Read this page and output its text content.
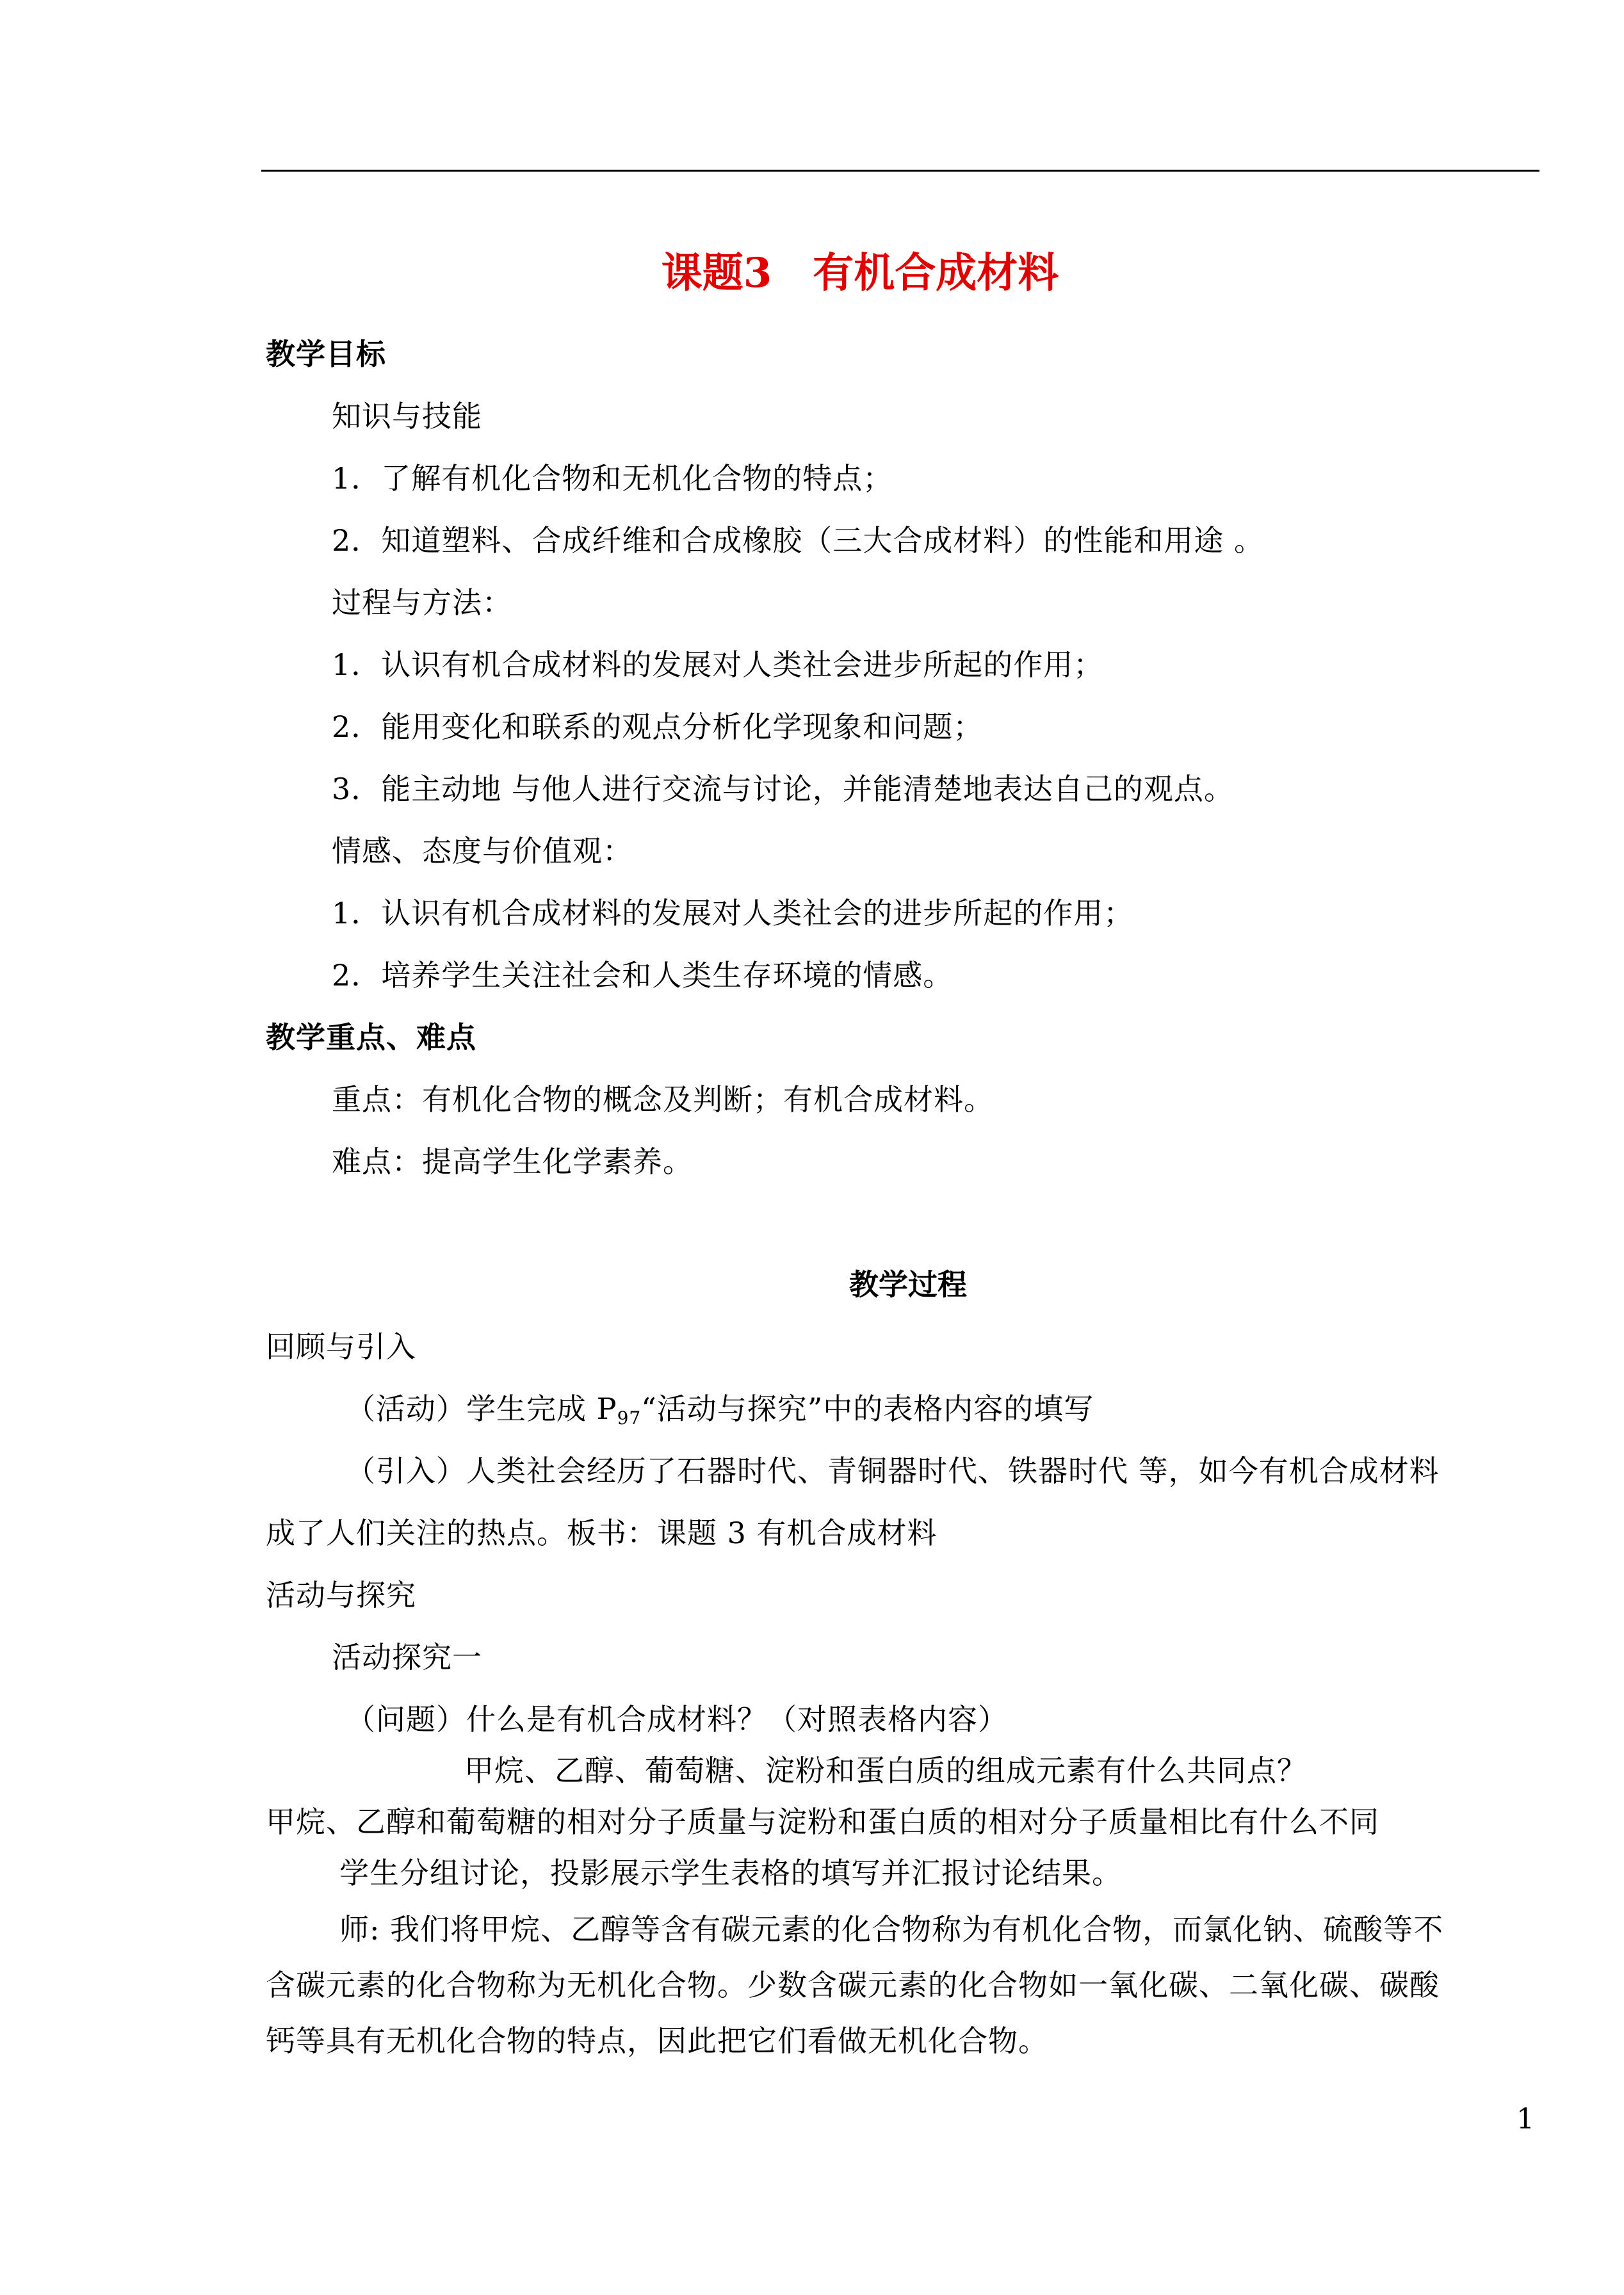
课题3　有机合成材料
教学目标
知识与技能
1．了解有机化合物和无机化合物的特点；
2．知道塑料、合成纤维和合成橡胶（三大合成材料）的性能和用途 。
过程与方法：
1．认识有机合成材料的发展对人类社会进步所起的作用；
2．能用变化和联系的观点分析化学现象和问题；
3．能主动地 与他人进行交流与讨论，并能清楚地表达自己的观点。
情感、态度与价值观：
1．认识有机合成材料的发展对人类社会的进步所起的作用；
2．培养学生关注社会和人类生存环境的情感。
教学重点、难点
重点：有机化合物的概念及判断；有机合成材料。
难点：提高学生化学素养。
教学过程
回顾与引入
（活动）学生完成 $P_{97}“$活动与探究”中的表格内容的填写
（引入）人类社会经历了石器时代、青铜器时代、铁器时代 等，如今有机合成材料
成了人们关注的热点。板书：课题 3 有机合成材料
活动与探究
活动探究一
（问题）什么是有机合成材料？（对照表格内容）
甲烷、乙醇、葡萄糖、淀粉和蛋白质的组成元素有什么共同点？
甲烷、乙醇和葡萄糖的相对分子质量与淀粉和蛋白质的相对分子质量相比有什么不同
学生分组讨论，投影展示学生表格的填写并汇报讨论结果。
师: 我们将甲烷、乙醇等含有碳元素的化合物称为有机化合物，而氯化钠、硫酸等不
含碳元素的化合物称为无机化合物。少数含碳元素的化合物如一氧化碳、二氧化碳、碳酸
钙等具有无机化合物的特点，因此把它们看做无机化合物。
1
